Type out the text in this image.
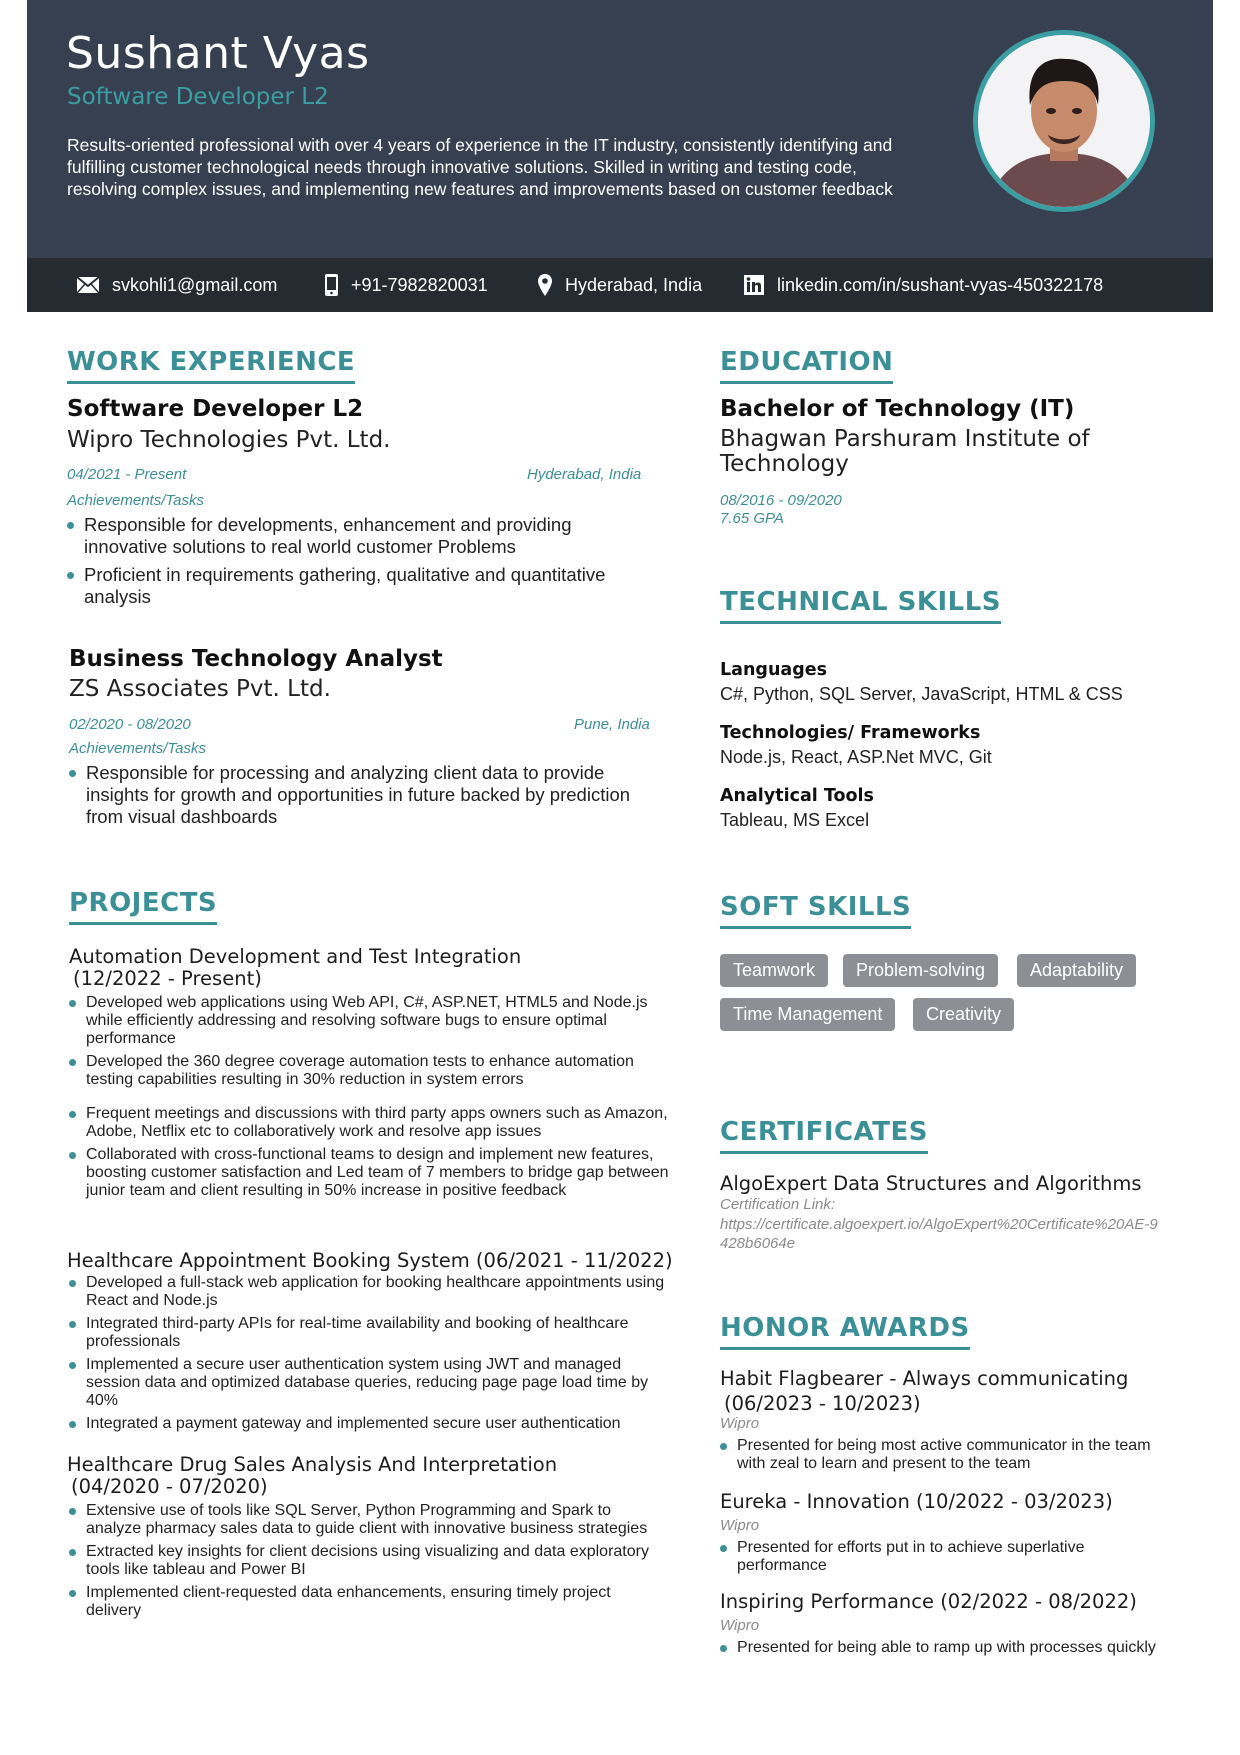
Sushant Vyas
Software Developer L2
Results-oriented professional with over 4 years of experience in the IT industry, consistently identifying and fulfilling customer technological needs through innovative solutions. Skilled in writing and testing code, resolving complex issues, and implementing new features and improvements based on customer feedback
svkohli1@gmail.com	+91-7982820031	Hyderabad, India	linkedin.com/in/sushant-vyas-450322178
WORK EXPERIENCE
Software Developer L2
Wipro Technologies Pvt. Ltd.
04/2021 - Present	Hyderabad, India
Achievements/Tasks
Responsible for developments, enhancement and providing innovative solutions to real world customer Problems
Proficient in requirements gathering, qualitative and quantitative analysis
Business Technology Analyst
ZS Associates Pvt. Ltd.
02/2020 - 08/2020	Pune, India
Achievements/Tasks
Responsible for processing and analyzing client data to provide insights for growth and opportunities in future backed by prediction from visual dashboards
PROJECTS
Automation Development and Test Integration
(12/2022 - Present)
Developed web applications using Web API, C#, ASP.NET, HTML5 and Node.js while efficiently addressing and resolving software bugs to ensure optimal performance
Developed the 360 degree coverage automation tests to enhance automation testing capabilities resulting in 30% reduction in system errors
Frequent meetings and discussions with third party apps owners such as Amazon, Adobe, Netflix etc to collaboratively work and resolve app issues
Collaborated with cross-functional teams to design and implement new features, boosting customer satisfaction and Led team of 7 members to bridge gap between junior team and client resulting in 50% increase in positive feedback
Healthcare Appointment Booking System (06/2021 - 11/2022)
Developed a full-stack web application for booking healthcare appointments using React and Node.js
Integrated third-party APIs for real-time availability and booking of healthcare professionals
Implemented a secure user authentication system using JWT and managed session data and optimized database queries, reducing page page load time by 40%
Integrated a payment gateway and implemented secure user authentication
Healthcare Drug Sales Analysis And Interpretation
(04/2020 - 07/2020)
Extensive use of tools like SQL Server, Python Programming and Spark to analyze pharmacy sales data to guide client with innovative business strategies
Extracted key insights for client decisions using visualizing and data exploratory tools like tableau and Power BI
Implemented client-requested data enhancements, ensuring timely project delivery
EDUCATION
Bachelor of Technology (IT)
Bhagwan Parshuram Institute of Technology
08/2016 - 09/2020
7.65 GPA
TECHNICAL SKILLS
Languages
C#, Python, SQL Server, JavaScript, HTML & CSS
Technologies/ Frameworks
Node.js, React, ASP.Net MVC, Git
Analytical Tools
Tableau, MS Excel
SOFT SKILLS
Teamwork	Problem-solving	Adaptability
Time Management	Creativity
CERTIFICATES
AlgoExpert Data Structures and Algorithms
Certification Link:
https://certificate.algoexpert.io/AlgoExpert%20Certificate%20AE-9428b6064e
HONOR AWARDS
Habit Flagbearer - Always communicating
(06/2023 - 10/2023)
Wipro
Presented for being most active communicator in the team with zeal to learn and present to the team
Eureka - Innovation (10/2022 - 03/2023)
Wipro
Presented for efforts put in to achieve superlative performance
Inspiring Performance (02/2022 - 08/2022)
Wipro
Presented for being able to ramp up with processes quickly
